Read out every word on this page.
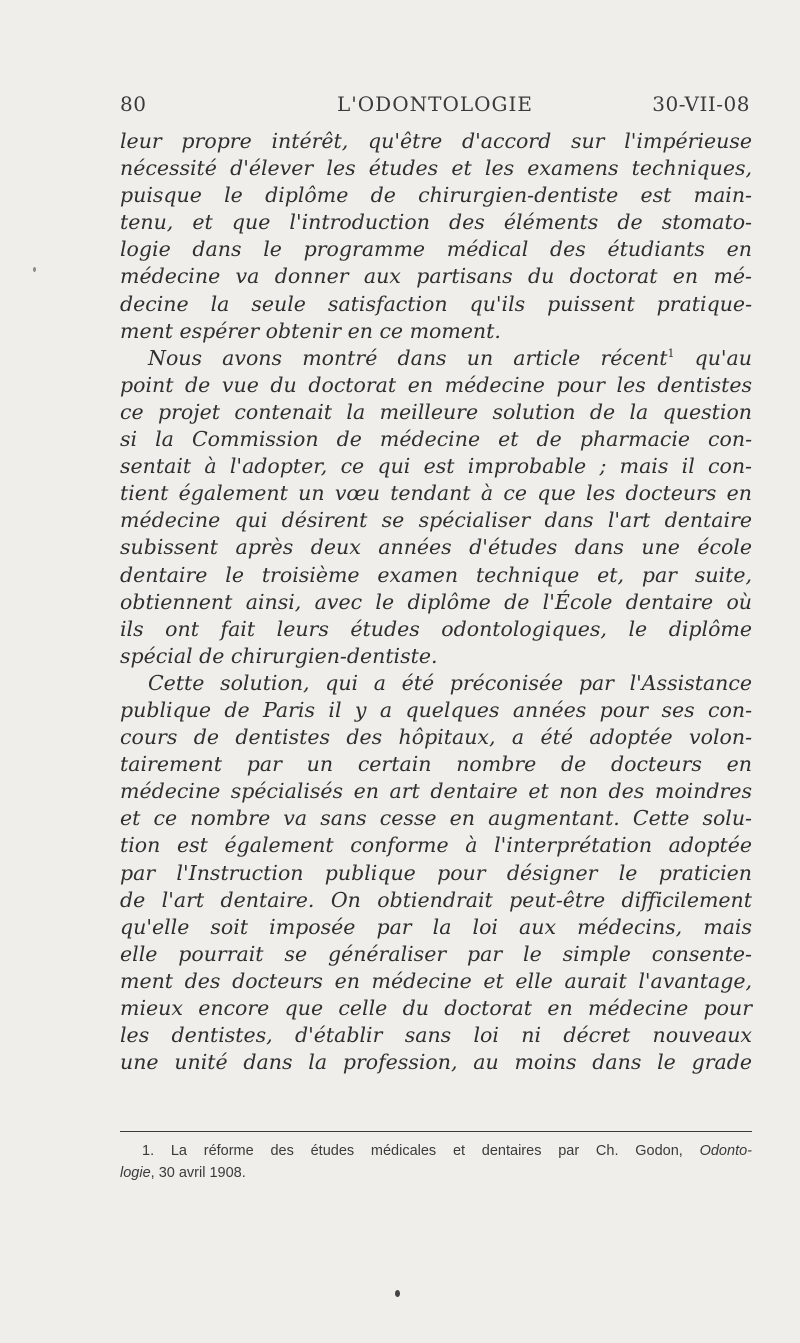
80	L'ODONTOLOGIE	30-VII-08
leur propre intérêt, qu'être d'accord sur l'impérieuse
nécessité d'élever les études et les examens techniques,
puisque le diplôme de chirurgien-dentiste est main-
tenu, et que l'introduction des éléments de stomato-
logie dans le programme médical des étudiants en
médecine va donner aux partisans du doctorat en mé-
decine la seule satisfaction qu'ils puissent pratique-
ment espérer obtenir en ce moment.
Nous avons montré dans un article récent$^1$ qu'au
point de vue du doctorat en médecine pour les dentistes
ce projet contenait la meilleure solution de la question
si la Commission de médecine et de pharmacie con-
sentait à l'adopter, ce qui est improbable ; mais il con-
tient également un vœu tendant à ce que les docteurs en
médecine qui désirent se spécialiser dans l'art dentaire
subissent après deux années d'études dans une école
dentaire le troisième examen technique et, par suite,
obtiennent ainsi, avec le diplôme de l'École dentaire où
ils ont fait leurs études odontologiques, le diplôme
spécial de chirurgien-dentiste.
Cette solution, qui a été préconisée par l'Assistance
publique de Paris il y a quelques années pour ses con-
cours de dentistes des hôpitaux, a été adoptée volon-
tairement par un certain nombre de docteurs en
médecine spécialisés en art dentaire et non des moindres
et ce nombre va sans cesse en augmentant. Cette solu-
tion est également conforme à l'interprétation adoptée
par l'Instruction publique pour désigner le praticien
de l'art dentaire. On obtiendrait peut-être difficilement
qu'elle soit imposée par la loi aux médecins, mais
elle pourrait se généraliser par le simple consente-
ment des docteurs en médecine et elle aurait l'avantage,
mieux encore que celle du doctorat en médecine pour
les dentistes, d'établir sans loi ni décret nouveaux
une unité dans la profession, au moins dans le grade
1. La réforme des études médicales et dentaires par Ch. Godon, Odonto-
logie, 30 avril 1908.
